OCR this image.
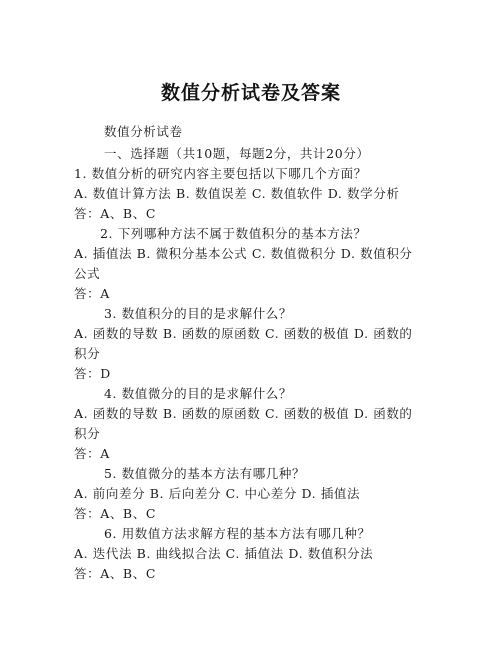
数值分析试卷及答案
数值分析试卷
一、选择题（共10题，每题2分，共计20分）
1. 数值分析的研究内容主要包括以下哪几个方面？
A. 数值计算方法 B. 数值误差 C. 数值软件 D. 数学分析
答：A、B、C
2. 下列哪种方法不属于数值积分的基本方法？
A. 插值法 B. 微积分基本公式 C. 数值微积分 D. 数值积分
公式
答：A
3. 数值积分的目的是求解什么？
A. 函数的导数 B. 函数的原函数 C. 函数的极值 D. 函数的
积分
答：D
4. 数值微分的目的是求解什么？
A. 函数的导数 B. 函数的原函数 C. 函数的极值 D. 函数的
积分
答：A
5. 数值微分的基本方法有哪几种？
A. 前向差分 B. 后向差分 C. 中心差分 D. 插值法
答：A、B、C
6. 用数值方法求解方程的基本方法有哪几种？
A. 迭代法 B. 曲线拟合法 C. 插值法 D. 数值积分法
答：A、B、C
